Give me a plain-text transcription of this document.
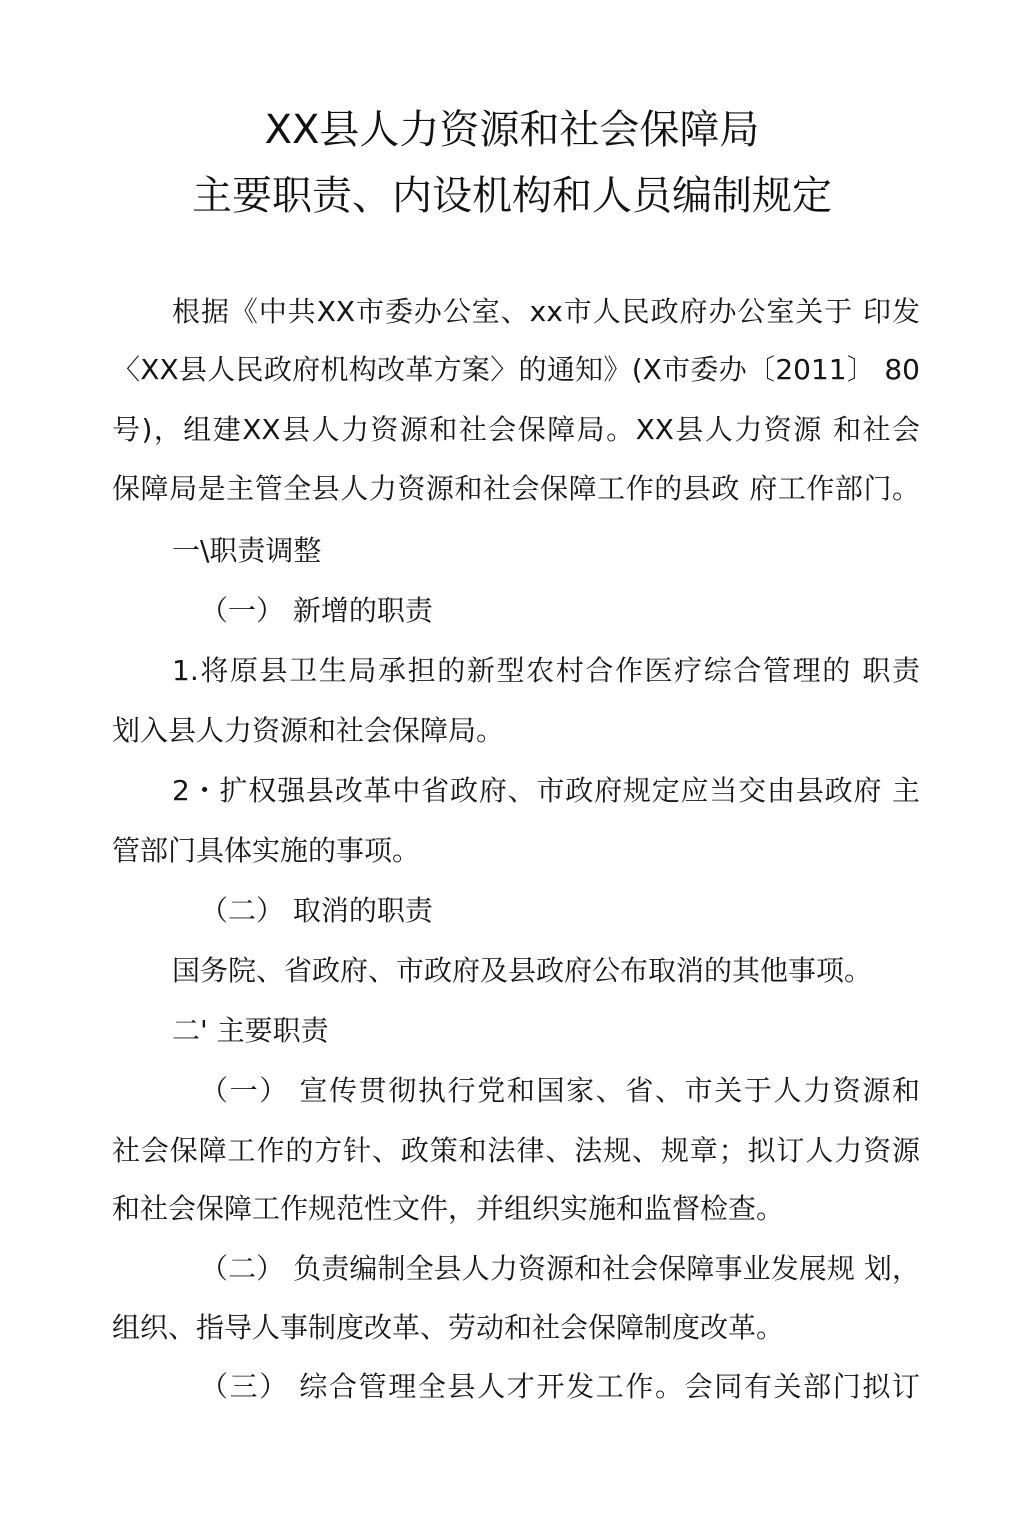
XX县人力资源和社会保障局
主要职责、内设机构和人员编制规定
根据《中共XX市委办公室、xx市人民政府办公室关于 印发
〈XX县人民政府机构改革方案〉的通知》(X市委办〔2011〕 80
号)，组建XX县人力资源和社会保障局。XX县人力资源 和社会
保障局是主管全县人力资源和社会保障工作的县政 府工作部门。
一\职责调整
（一） 新增的职责
1.将原县卫生局承担的新型农村合作医疗综合管理的 职责
划入县人力资源和社会保障局。
2・扩权强县改革中省政府、市政府规定应当交由县政府 主
管部门具体实施的事项。
（二） 取消的职责
国务院、省政府、市政府及县政府公布取消的其他事项。
二' 主要职责
（一） 宣传贯彻执行党和国家、省、市关于人力资源和
社会保障工作的方针、政策和法律、法规、规章；拟订人力资源
和社会保障工作规范性文件，并组织实施和监督检查。
（二） 负责编制全县人力资源和社会保障事业发展规 划，
组织、指导人事制度改革、劳动和社会保障制度改革。
（三） 综合管理全县人才开发工作。会同有关部门拟订
